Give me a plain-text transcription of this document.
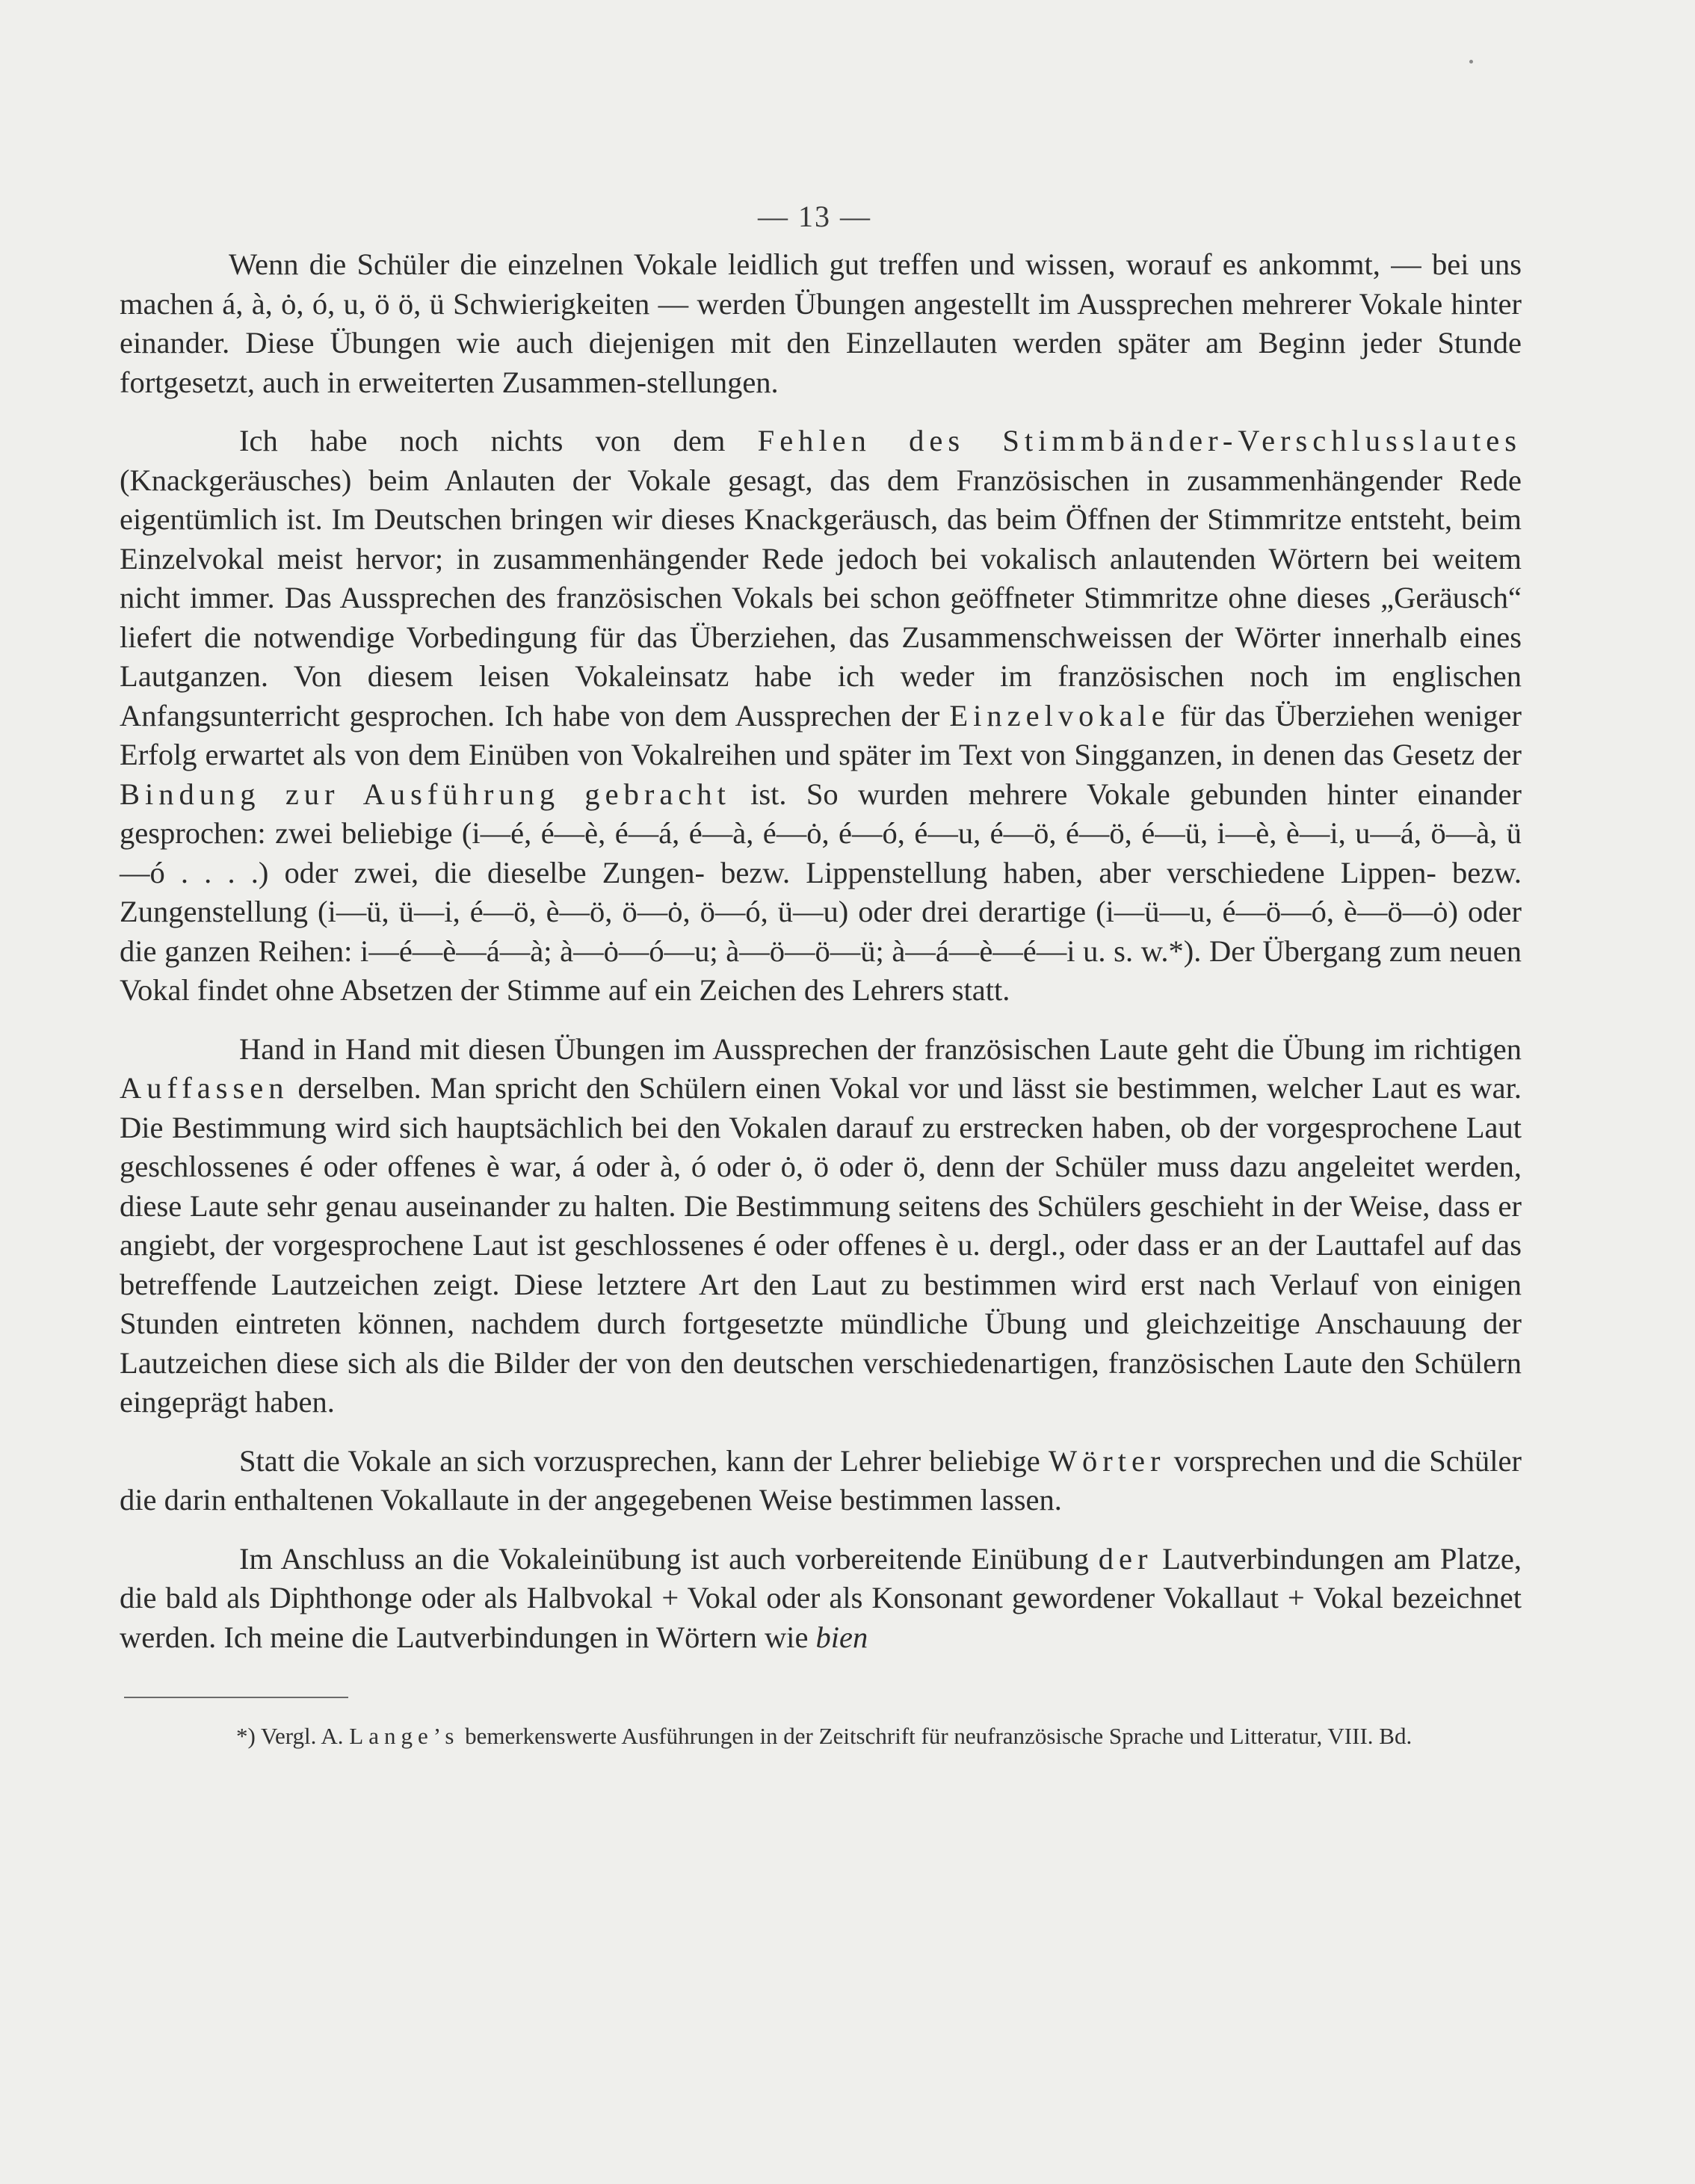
— 13 —

Wenn die Schüler die einzelnen Vokale leidlich gut treffen und wissen, worauf es ankommt, — bei uns machen á, à, ȯ, ó, u, ö ö, ü Schwierigkeiten — werden Übungen angestellt im Aussprechen mehrerer Vokale hinter einander. Diese Übungen wie auch diejenigen mit den Einzellauten werden später am Beginn jeder Stunde fortgesetzt, auch in erweiterten Zusammen-stellungen.

Ich habe noch nichts von dem Fehlen des Stimmbänder-Verschlusslautes (Knackgeräusches) beim Anlauten der Vokale gesagt, das dem Französischen in zusammenhängender Rede eigentümlich ist. Im Deutschen bringen wir dieses Knackgeräusch, das beim Öffnen der Stimmritze entsteht, beim Einzelvokal meist hervor; in zusammenhängender Rede jedoch bei vokalisch anlautenden Wörtern bei weitem nicht immer. Das Aussprechen des französischen Vokals bei schon geöffneter Stimmritze ohne dieses „Geräusch“ liefert die notwendige Vorbedingung für das Überziehen, das Zusammenschweissen der Wörter innerhalb eines Lautganzen. Von diesem leisen Vokaleinsatz habe ich weder im französischen noch im englischen Anfangsunterricht gesprochen. Ich habe von dem Aussprechen der Einzelvokale für das Überziehen weniger Erfolg erwartet als von dem Einüben von Vokalreihen und später im Text von Singganzen, in denen das Gesetz der Bindung zur Ausführung gebracht ist. So wurden mehrere Vokale gebunden hinter einander gesprochen: zwei beliebige (i—é, é—è, é—á, é—à, é—ȯ, é—ó, é—u, é—ö, é—ö, é—ü, i—è, è—i, u—á, ö—à, ü—ó . . . .) oder zwei, die dieselbe Zungen- bezw. Lippenstellung haben, aber verschiedene Lippen- bezw. Zungenstellung (i—ü, ü—i, é—ö, è—ö, ö—ȯ, ö—ó, ü—u) oder drei derartige (i—ü—u, é—ö—ó, è—ö—ȯ) oder die ganzen Reihen: i—é—è—á—à; à—ȯ—ó—u; à—ö—ö—ü; à—á—è—é—i u. s. w.*). Der Übergang zum neuen Vokal findet ohne Absetzen der Stimme auf ein Zeichen des Lehrers statt.

Hand in Hand mit diesen Übungen im Aussprechen der französischen Laute geht die Übung im richtigen Auffassen derselben. Man spricht den Schülern einen Vokal vor und lässt sie bestimmen, welcher Laut es war. Die Bestimmung wird sich hauptsächlich bei den Vokalen darauf zu erstrecken haben, ob der vorgesprochene Laut geschlossenes é oder offenes è war, á oder à, ó oder ȯ, ö oder ö, denn der Schüler muss dazu angeleitet werden, diese Laute sehr genau auseinander zu halten. Die Bestimmung seitens des Schülers geschieht in der Weise, dass er angiebt, der vorgesprochene Laut ist geschlossenes é oder offenes è u. dergl., oder dass er an der Lauttafel auf das betreffende Lautzeichen zeigt. Diese letztere Art den Laut zu bestimmen wird erst nach Verlauf von einigen Stunden eintreten können, nachdem durch fortgesetzte mündliche Übung und gleichzeitige Anschauung der Lautzeichen diese sich als die Bilder der von den deutschen verschiedenartigen, französischen Laute den Schülern eingeprägt haben.

Statt die Vokale an sich vorzusprechen, kann der Lehrer beliebige Wörter vorsprechen und die Schüler die darin enthaltenen Vokallaute in der angegebenen Weise bestimmen lassen.

Im Anschluss an die Vokaleinübung ist auch vorbereitende Einübung der Lautverbindungen am Platze, die bald als Diphthonge oder als Halbvokal + Vokal oder als Konsonant gewordener Vokallaut + Vokal bezeichnet werden. Ich meine die Lautverbindungen in Wörtern wie bien

*) Vergl. A. Lange’s bemerkenswerte Ausführungen in der Zeitschrift für neufranzösische Sprache und Litteratur, VIII. Bd.
